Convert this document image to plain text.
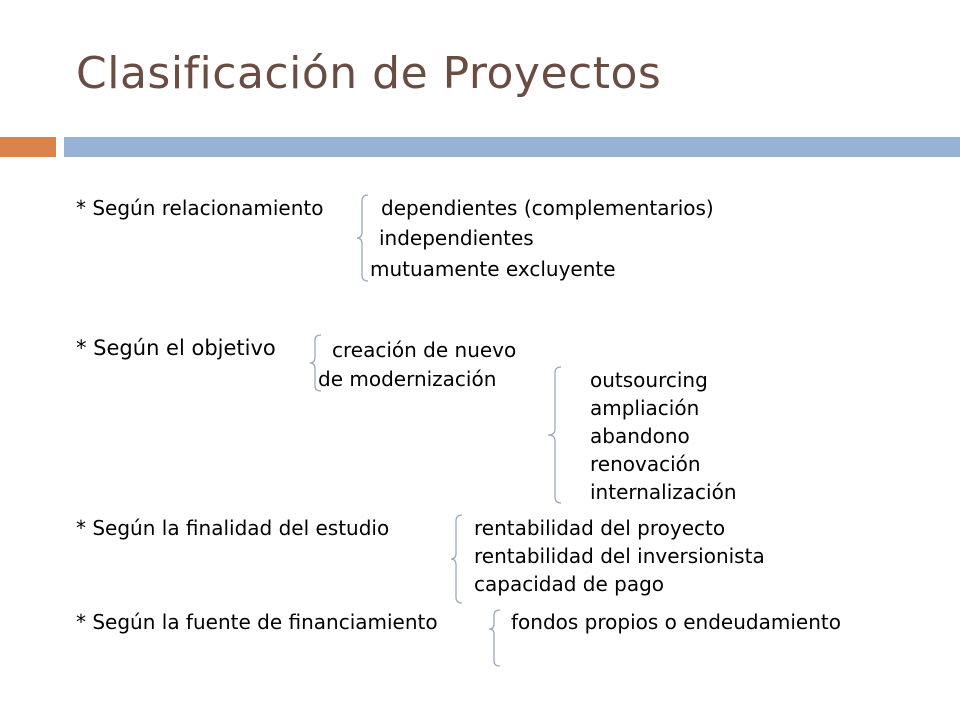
Clasificación de Proyectos
* Según relacionamiento	dependientes (complementarios)
independientes
mutuamente excluyente
* Según el objetivo	creación de nuevo
de modernización	outsourcing
ampliación
abandono
renovación
internalización
* Según la finalidad del estudio	rentabilidad del proyecto
rentabilidad del inversionista
capacidad de pago
* Según la fuente de financiamiento	fondos propios o endeudamiento
